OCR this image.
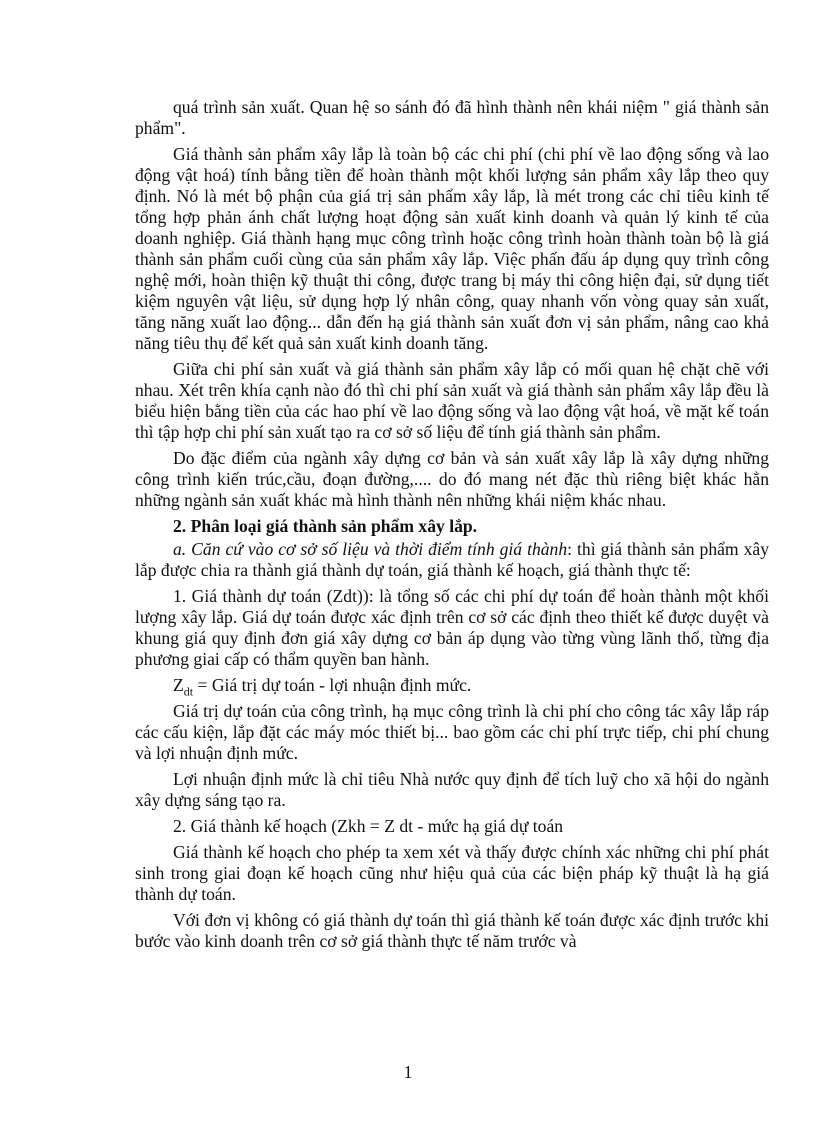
quá trình sản xuất. Quan hệ so sánh đó đã hình thành nên khái niệm " giá thành sản phẩm".

Giá thành sản phẩm xây lắp là toàn bộ các chi phí (chi phí về lao động sống và lao động vật hoá) tính bằng tiền để hoàn thành một khối lượng sản phẩm xây lắp theo quy định. Nó là mét bộ phận của giá trị sản phẩm xây lắp, là mét trong các chỉ tiêu kinh tế tổng hợp phản ánh chất lượng hoạt động sản xuất kinh doanh và quản lý kinh tế của doanh nghiệp. Giá thành hạng mục công trình hoặc công trình hoàn thành toàn bộ là giá thành sản phẩm cuối cùng của sản phẩm xây lắp. Việc phấn đấu áp dụng quy trình công nghệ mới, hoàn thiện kỹ thuật thi công, được trang bị máy thi công hiện đại, sử dụng tiết kiệm nguyên vật liệu, sử dụng hợp lý nhân công, quay nhanh vốn vòng quay sản xuất, tăng năng xuất lao động... dẫn đến hạ giá thành sản xuất đơn vị sản phẩm, nâng cao khả năng tiêu thụ để kết quả sản xuất kinh doanh tăng.

Giữa chi phí sản xuất và giá thành sản phẩm xây lắp có mối quan hệ chặt chẽ với nhau. Xét trên khía cạnh nào đó thì chi phí sản xuất và giá thành sản phẩm xây lắp đều là biểu hiện bằng tiền của các hao phí về lao động sống và lao động vật hoá, về mặt kế toán thì tập hợp chi phí sản xuất tạo ra cơ sở số liệu để tính giá thành sản phẩm.

Do đặc điểm của ngành xây dựng cơ bản và sản xuất xây lắp là xây dựng những công trình kiến trúc,cầu, đoạn đường,.... do đó mang nét đặc thù riêng biệt khác hẳn những ngành sản xuất khác mà hình thành nên những khái niệm khác nhau.

2. Phân loại giá thành sản phẩm xây lắp.

a. Căn cứ vào cơ sở số liệu và thời điểm tính giá thành: thì giá thành sản phẩm xây lắp được chia ra thành giá thành dự toán, giá thành kế hoạch, giá thành thực tế:

1. Giá thành dự toán (Zdt)): là tổng số các chi phí dự toán để hoàn thành một khối lượng xây lắp. Giá dự toán được xác định trên cơ sở các định theo thiết kế được duyệt và khung giá quy định đơn giá xây dựng cơ bản áp dụng vào từng vùng lãnh thổ, từng địa phương giai cấp có thẩm quyền ban hành.

$Z_{dt}$ = Giá trị dự toán - lợi nhuận định mức.

Giá trị dự toán của công trình, hạ mục công trình là chi phí cho công tác xây lắp ráp các cấu kiện, lắp đặt các máy móc thiết bị... bao gồm các chi phí trực tiếp, chi phí chung và lợi nhuận định mức.

Lợi nhuận định mức là chỉ tiêu Nhà nước quy định để tích luỹ cho xã hội do ngành xây dựng sáng tạo ra.

2. Giá thành kế hoạch (Zkh = Z dt - mức hạ giá dự toán

Giá thành kế hoạch cho phép ta xem xét và thấy được chính xác những chi phí phát sinh trong giai đoạn kế hoạch cũng như hiệu quả của các biện pháp kỹ thuật là hạ giá thành dự toán.

Với đơn vị không có giá thành dự toán thì giá thành kế toán được xác định trước khi bước vào kinh doanh trên cơ sở giá thành thực tế năm trước và

1
